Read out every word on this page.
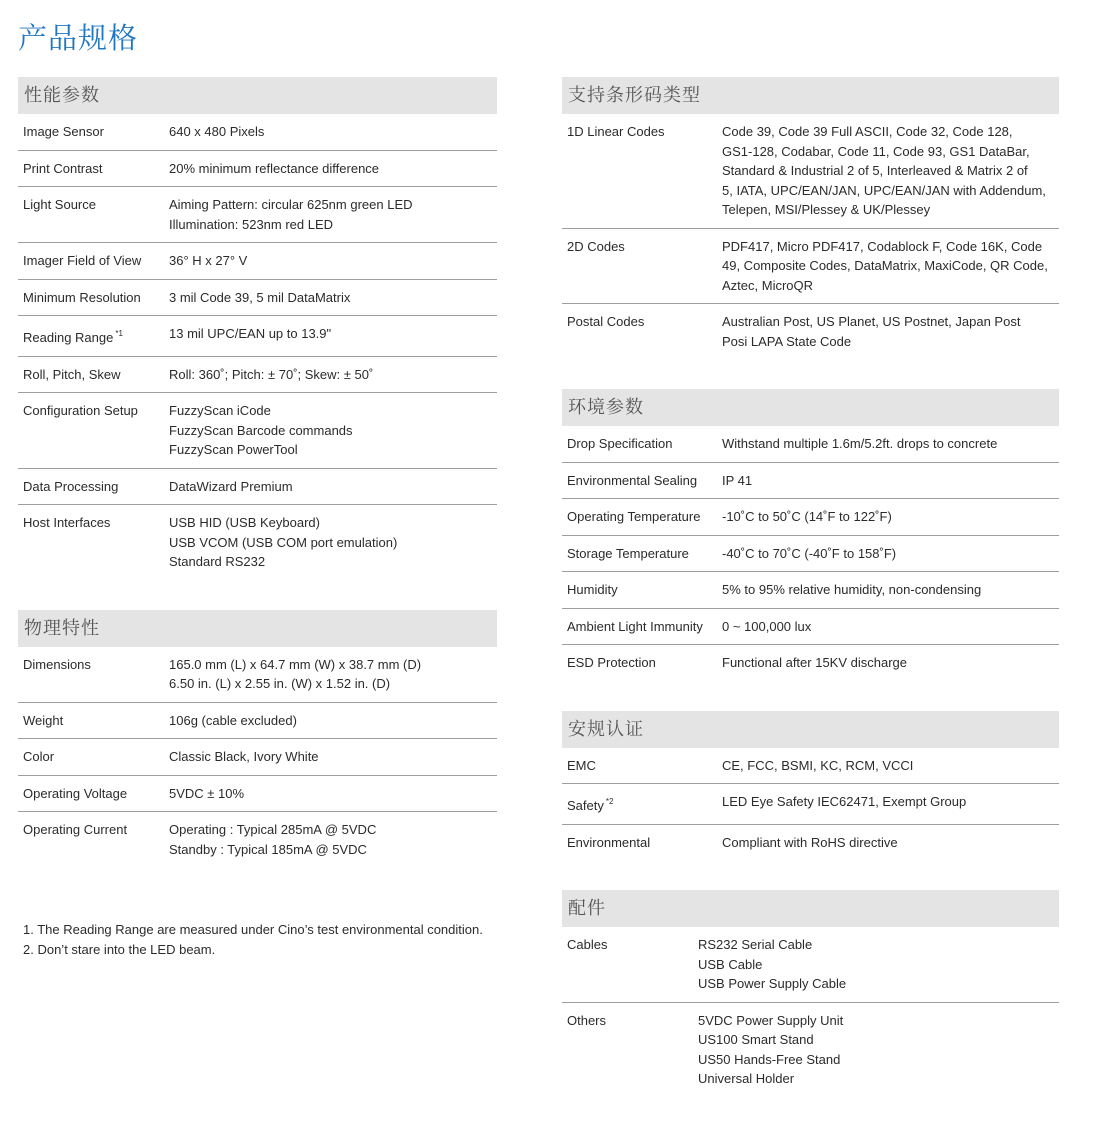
产品规格
性能参数
Image Sensor	640 x 480 Pixels
Print Contrast	20% minimum reflectance difference
Light Source	Aiming Pattern: circular 625nm green LED
Illumination: 523nm red LED
Imager Field of View	36° H x 27° V
Minimum Resolution	3 mil Code 39, 5 mil DataMatrix
Reading Range $^{*1}$	13 mil UPC/EAN up to 13.9"
Roll, Pitch, Skew	Roll: 360˚; Pitch: ± 70˚; Skew: ± 50˚
Configuration Setup	FuzzyScan iCode
FuzzyScan Barcode commands
FuzzyScan PowerTool
Data Processing	DataWizard Premium
Host Interfaces	USB HID (USB Keyboard)
USB VCOM (USB COM port emulation)
Standard RS232
物理特性
Dimensions	165.0 mm (L) x 64.7 mm (W) x 38.7 mm (D)
6.50 in. (L) x 2.55 in. (W) x 1.52 in. (D)
Weight	106g (cable excluded)
Color	Classic Black, Ivory White
Operating Voltage	5VDC ± 10%
Operating Current	Operating : Typical 285mA @ 5VDC
Standby : Typical 185mA @ 5VDC
支持条形码类型
1D Linear Codes	Code 39, Code 39 Full ASCII, Code 32, Code 128,
GS1-128, Codabar, Code 11, Code 93, GS1 DataBar,
Standard & Industrial 2 of 5, Interleaved & Matrix 2 of
5, IATA, UPC/EAN/JAN, UPC/EAN/JAN with Addendum,
Telepen, MSI/Plessey & UK/Plessey
2D Codes	PDF417, Micro PDF417, Codablock F, Code 16K, Code
49, Composite Codes, DataMatrix, MaxiCode, QR Code,
Aztec, MicroQR
Postal Codes	Australian Post, US Planet, US Postnet, Japan Post
Posi LAPA State Code
环境参数
Drop Specification	Withstand multiple 1.6m/5.2ft. drops to concrete
Environmental Sealing	IP 41
Operating Temperature	-10˚C to 50˚C (14˚F to 122˚F)
Storage Temperature	-40˚C to 70˚C (-40˚F to 158˚F)
Humidity	5% to 95% relative humidity, non-condensing
Ambient Light Immunity	0 ~ 100,000 lux
ESD Protection	Functional after 15KV discharge
安规认证
EMC	CE, FCC, BSMI, KC, RCM, VCCI
Safety $^{*2}$	LED Eye Safety IEC62471, Exempt Group
Environmental	Compliant with RoHS directive
配件
Cables	RS232 Serial Cable
USB Cable
USB Power Supply Cable
Others	5VDC Power Supply Unit
US100 Smart Stand
US50 Hands-Free Stand
Universal Holder
1. The Reading Range are measured under Cino’s test environmental condition.
2. Don’t stare into the LED beam.
